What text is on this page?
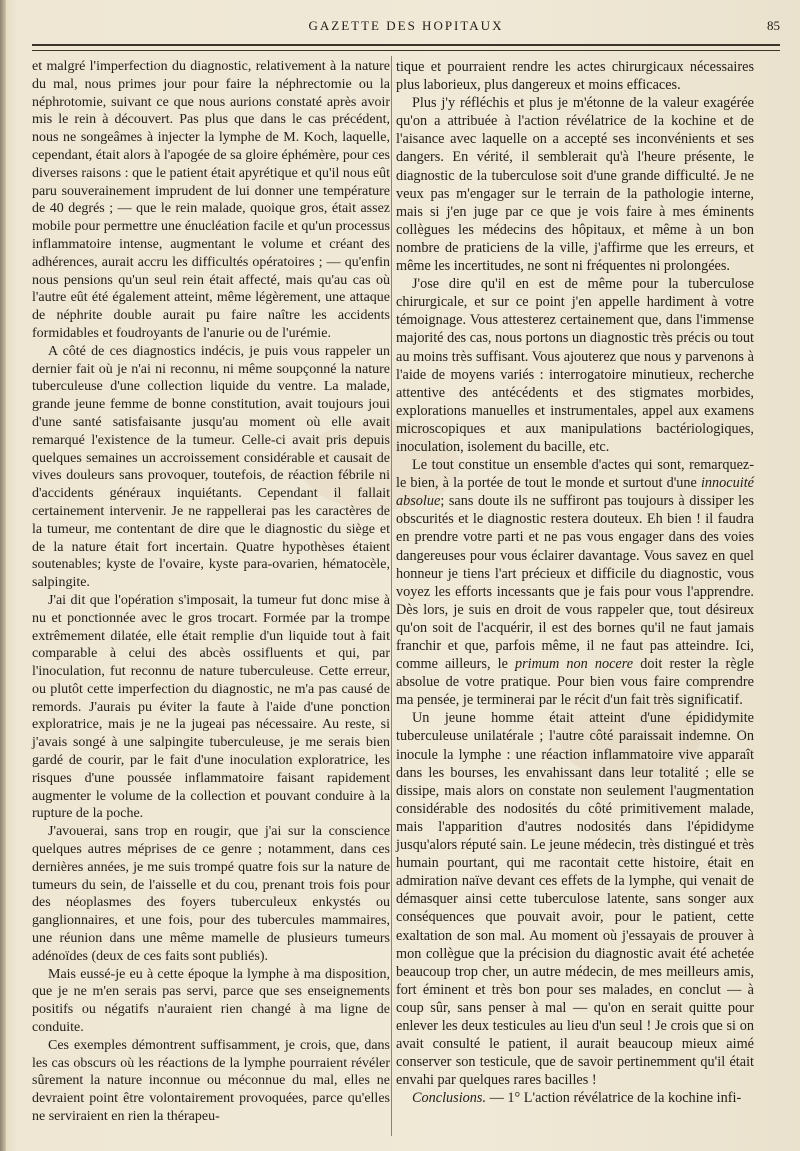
GAZETTE DES HOPITAUX	85

et malgré l'imperfection du diagnostic, relativement à la nature du mal, nous primes jour pour faire la néphrectomie ou la néphrotomie, suivant ce que nous aurions constaté après avoir mis le rein à découvert. Pas plus que dans le cas précédent, nous ne songeâmes à injecter la lymphe de M. Koch, laquelle, cependant, était alors à l'apogée de sa gloire éphémère, pour ces diverses raisons : que le patient était apyrétique et qu'il nous eût paru souverainement imprudent de lui donner une température de 40 degrés ; — que le rein malade, quoique gros, était assez mobile pour permettre une énucléation facile et qu'un processus inflammatoire intense, augmentant le volume et créant des adhérences, aurait accru les difficultés opératoires ; — qu'enfin nous pensions qu'un seul rein était affecté, mais qu'au cas où l'autre eût été également atteint, même légèrement, une attaque de néphrite double aurait pu faire naître les accidents formidables et foudroyants de l'anurie ou de l'urémie.

A côté de ces diagnostics indécis, je puis vous rappeler un dernier fait où je n'ai ni reconnu, ni même soupçonné la nature tuberculeuse d'une collection liquide du ventre. La malade, grande jeune femme de bonne constitution, avait toujours joui d'une santé satisfaisante jusqu'au moment où elle avait remarqué l'existence de la tumeur. Celle-ci avait pris depuis quelques semaines un accroissement considérable et causait de vives douleurs sans provoquer, toutefois, de réaction fébrile ni d'accidents généraux inquiétants. Cependant il fallait certainement intervenir. Je ne rappellerai pas les caractères de la tumeur, me contentant de dire que le diagnostic du siège et de la nature était fort incertain. Quatre hypothèses étaient soutenables; kyste de l'ovaire, kyste para-ovarien, hématocèle, salpingite.

J'ai dit que l'opération s'imposait, la tumeur fut donc mise à nu et ponctionnée avec le gros trocart. Formée par la trompe extrêmement dilatée, elle était remplie d'un liquide tout à fait comparable à celui des abcès ossifluents et qui, par l'inoculation, fut reconnu de nature tuberculeuse. Cette erreur, ou plutôt cette imperfection du diagnostic, ne m'a pas causé de remords. J'aurais pu éviter la faute à l'aide d'une ponction exploratrice, mais je ne la jugeai pas nécessaire. Au reste, si j'avais songé à une salpingite tuberculeuse, je me serais bien gardé de courir, par le fait d'une inoculation exploratrice, les risques d'une poussée inflammatoire faisant rapidement augmenter le volume de la collection et pouvant conduire à la rupture de la poche.

J'avouerai, sans trop en rougir, que j'ai sur la conscience quelques autres méprises de ce genre ; notamment, dans ces dernières années, je me suis trompé quatre fois sur la nature de tumeurs du sein, de l'aisselle et du cou, prenant trois fois pour des néoplasmes des foyers tuberculeux enkystés ou ganglionnaires, et une fois, pour des tubercules mammaires, une réunion dans une même mamelle de plusieurs tumeurs adénoïdes (deux de ces faits sont publiés).

Mais eussé-je eu à cette époque la lymphe à ma disposition, que je ne m'en serais pas servi, parce que ses enseignements positifs ou négatifs n'auraient rien changé à ma ligne de conduite.

Ces exemples démontrent suffisamment, je crois, que, dans les cas obscurs où les réactions de la lymphe pourraient révéler sûrement la nature inconnue ou méconnue du mal, elles ne devraient point être volontairement provoquées, parce qu'elles ne serviraient en rien la thérapeu-

tique et pourraient rendre les actes chirurgicaux nécessaires plus laborieux, plus dangereux et moins efficaces.

Plus j'y réfléchis et plus je m'étonne de la valeur exagérée qu'on a attribuée à l'action révélatrice de la kochine et de l'aisance avec laquelle on a accepté ses inconvénients et ses dangers. En vérité, il semblerait qu'à l'heure présente, le diagnostic de la tuberculose soit d'une grande difficulté. Je ne veux pas m'engager sur le terrain de la pathologie interne, mais si j'en juge par ce que je vois faire à mes éminents collègues les médecins des hôpitaux, et même à un bon nombre de praticiens de la ville, j'affirme que les erreurs, et même les incertitudes, ne sont ni fréquentes ni prolongées.

J'ose dire qu'il en est de même pour la tuberculose chirurgicale, et sur ce point j'en appelle hardiment à votre témoignage. Vous attesterez certainement que, dans l'immense majorité des cas, nous portons un diagnostic très précis ou tout au moins très suffisant. Vous ajouterez que nous y parvenons à l'aide de moyens variés : interrogatoire minutieux, recherche attentive des antécédents et des stigmates morbides, explorations manuelles et instrumentales, appel aux examens microscopiques et aux manipulations bactériologiques, inoculation, isolement du bacille, etc.

Le tout constitue un ensemble d'actes qui sont, remarquez-le bien, à la portée de tout le monde et surtout d'une innocuité absolue; sans doute ils ne suffiront pas toujours à dissiper les obscurités et le diagnostic restera douteux. Eh bien ! il faudra en prendre votre parti et ne pas vous engager dans des voies dangereuses pour vous éclairer davantage. Vous savez en quel honneur je tiens l'art précieux et difficile du diagnostic, vous voyez les efforts incessants que je fais pour vous l'apprendre. Dès lors, je suis en droit de vous rappeler que, tout désireux qu'on soit de l'acquérir, il est des bornes qu'il ne faut jamais franchir et que, parfois même, il ne faut pas atteindre. Ici, comme ailleurs, le primum non nocere doit rester la règle absolue de votre pratique. Pour bien vous faire comprendre ma pensée, je terminerai par le récit d'un fait très significatif.

Un jeune homme était atteint d'une épididymite tuberculeuse unilatérale ; l'autre côté paraissait indemne. On inocule la lymphe : une réaction inflammatoire vive apparaît dans les bourses, les envahissant dans leur totalité ; elle se dissipe, mais alors on constate non seulement l'augmentation considérable des nodosités du côté primitivement malade, mais l'apparition d'autres nodosités dans l'épididyme jusqu'alors réputé sain. Le jeune médecin, très distingué et très humain pourtant, qui me racontait cette histoire, était en admiration naïve devant ces effets de la lymphe, qui venait de démasquer ainsi cette tuberculose latente, sans songer aux conséquences que pouvait avoir, pour le patient, cette exaltation de son mal. Au moment où j'essayais de prouver à mon collègue que la précision du diagnostic avait été achetée beaucoup trop cher, un autre médecin, de mes meilleurs amis, fort éminent et très bon pour ses malades, en conclut — à coup sûr, sans penser à mal — qu'on en serait quitte pour enlever les deux testicules au lieu d'un seul ! Je crois que si on avait consulté le patient, il aurait beaucoup mieux aimé conserver son testicule, que de savoir pertinemment qu'il était envahi par quelques rares bacilles !

Conclusions. — 1° L'action révélatrice de la kochine infi-
